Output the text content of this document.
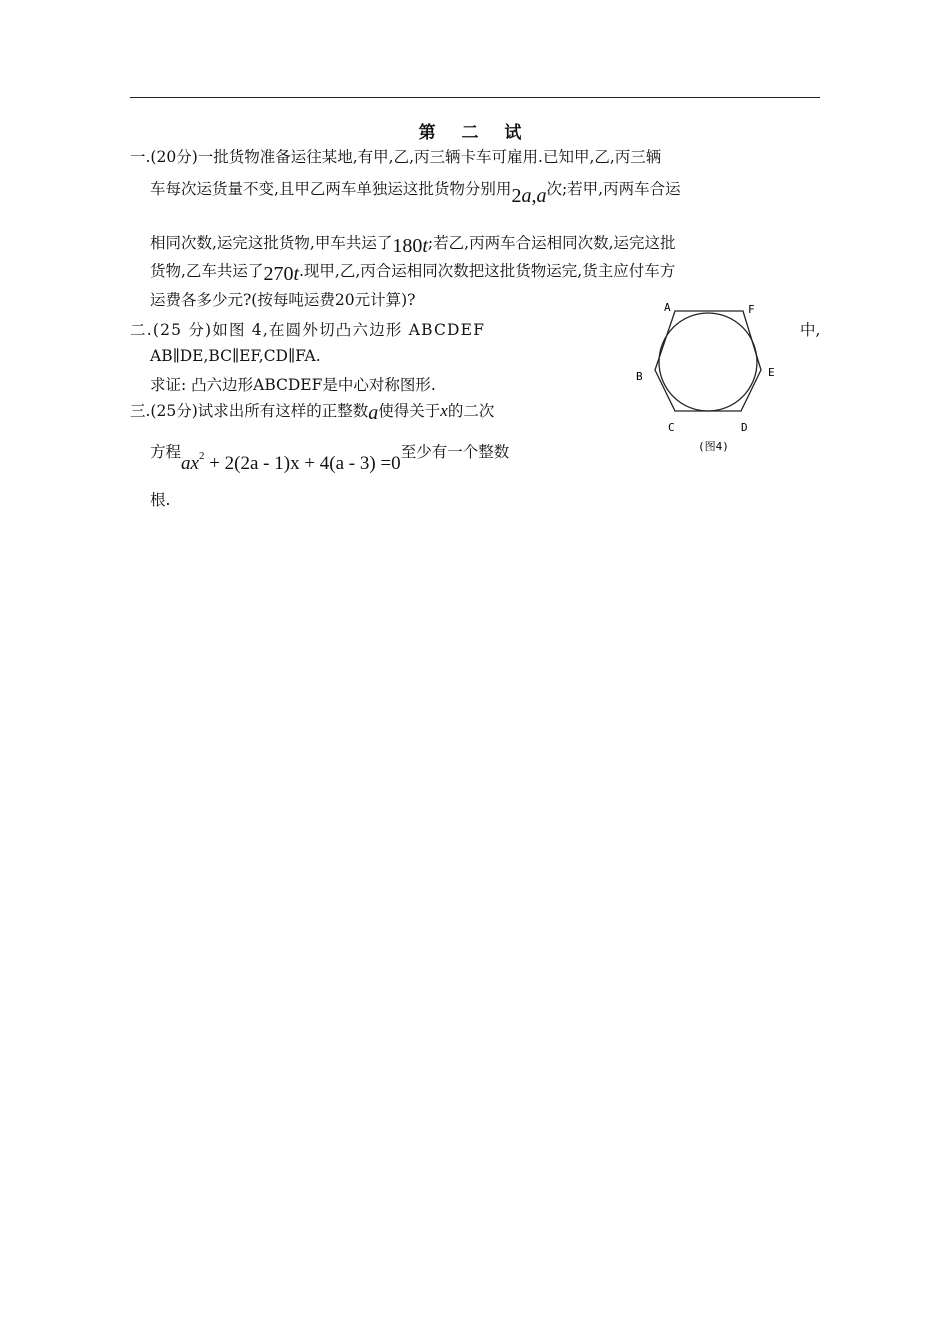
第 二 试
一.(20分)一批货物准备运往某地,有甲,乙,丙三辆卡车可雇用.已知甲,乙,丙三辆
车每次运货量不变,且甲乙两车单独运这批货物分别用2a,a次;若甲,丙两车合运
相同次数,运完这批货物,甲车共运了180t;若乙,丙两车合运相同次数,运完这批
货物,乙车共运了270t.现甲,乙,丙合运相同次数把这批货物运完,货主应付车方
运费各多少元?(按每吨运费20元计算)?
二.(25 分)如图 4,在圆外切凸六边形 ABCDEF	中,
AB∥DE,BC∥EF,CD∥FA.
求证: 凸六边形ABCDEF是中心对称图形.
三.(25分)试求出所有这样的正整数a使得关于x的二次
方程$ax^2 + 2(2a - 1)x + 4(a - 3) =0$至少有一个整数
根.
A	F
B	E
C	D
(图4)
